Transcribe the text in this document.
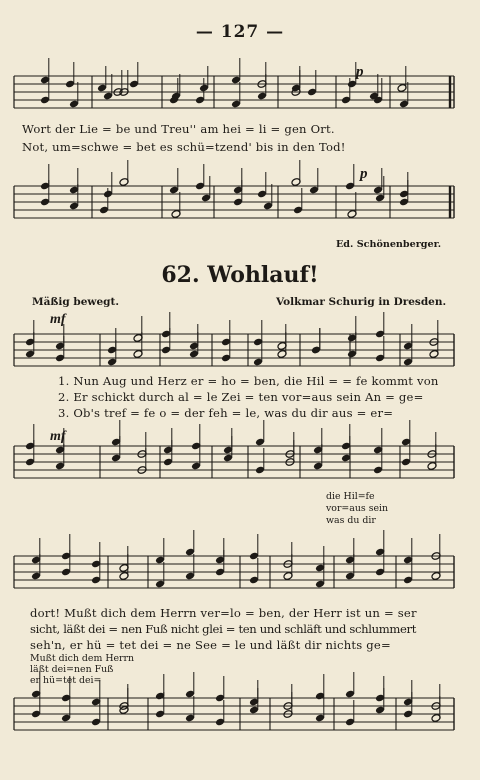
— 127 —
p
p
Wort der Lie = be und Treu'' am hei = li = gen Ort.
Not, um=schwe = bet es schü=tzend' bis in den Tod!
Ed. Schönenberger.
62. Wohlauf!
Mäßig bewegt.	Volkmar Schurig in Dresden.
mf
mf
1. Nun Aug und Herz er = ho = ben, die Hil = = fe kommt von
2. Er schickt durch al = le Zei = ten vor=aus sein An = ge=
3. Ob's tref = fe o = der feh = le, was du dir aus = er=
die Hil=fe
vor=aus sein
was du dir
dort! Mußt dich dem Herrn ver=lo = ben, der Herr ist un = ser
sicht, läßt dei = nen Fuß nicht glei = ten und schläft und schlummert
seh'n, er hü = tet dei = ne See = le und läßt dir nichts ge=
Mußt dich dem Herrn
läßt dei=nen Fuß
er hü=tet dei=
